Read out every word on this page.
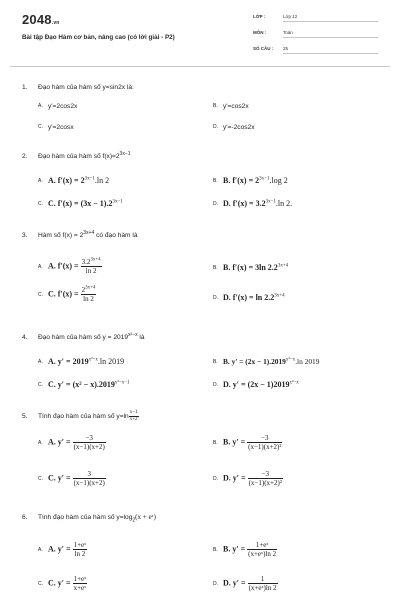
2048.vn
Bài tập Đạo Hàm cơ bản, nâng cao (có lời giải - P2)
LỚP :	Lớp 12
MÔN :	Toán
SỐ CÂU : 25
1. Đạo hàm của hàm số y=sin2x là:
A. y'=2cos2x	B. y'=cos2x
C. y'=2cosx	D. y'=-2cos2x
2. Đạo hàm của hàm số $f(x)=2^{3x-1}$
A. A. $f'(x) = 2^{3x-1}.\ln$ 2	B. B. $f'(x) = 2^{3x-1}.\log$ 2
C. C. $f'(x) = (3x - 1).2^{3x-1}$	D. D. $f'(x) = 3.2^{3x-1}.\ln$ 2.
3. Hàm số $f(x) = 2^{3x+4}$ có đạo hàm là
A. A. $f'(x) = \frac{3.2^{3x+4}}{\ln 2}$	B. B. f′(x) = 3ln $2.2^{3x+4}$
C. C. $f'(x) = \frac{2^{3x+4}}{\ln 2}$	D. D. $f'(x) = \ln 2.2^{3x+4}$
4. Đạo hàm của hàm số $y = 2019^{x^2-x}$ là
A. A. $y' = 2019^{x^2-x}.\ln$ 2019	B. B. $y' = (2x - 1).2019^{x^2-x}.\ln$ 2019
C. C. $y' = (x^2 - x).2019^{x^2-x-1}$	D. D. $y' = (2x - 1)2019^{x^2-x}$
5. Tính đạo hàm của hàm số $y=\ln \frac{x-1}{x+2}$
A. A. $y' = \frac{-3}{(x-1)(x+2)}$	B. B. $y' = \frac{-3}{\text{(x−1)(x+2)²}}$
C. C. $y' = \frac{3}{(x-1)(x+2)}$	D. D. $y' = \frac{-3}{\text{(x−1)(x+2)²}}$
6. Tính đạo hàm của hàm số $y=\log_2(x$ + eˣ)
A. A. $y' = \frac{\text{1+eˣ}}{\ln 2}$	B. B. $y' = \frac{\text{1+eˣ}}{\text{(x+eˣ)ln 2}}$
C. C. $y' = \frac{\text{1+eˣ}}{\text{x+eˣ}}$	D. D. $y' = \frac{1}{\text{(x+eˣ)ln 2}}$
